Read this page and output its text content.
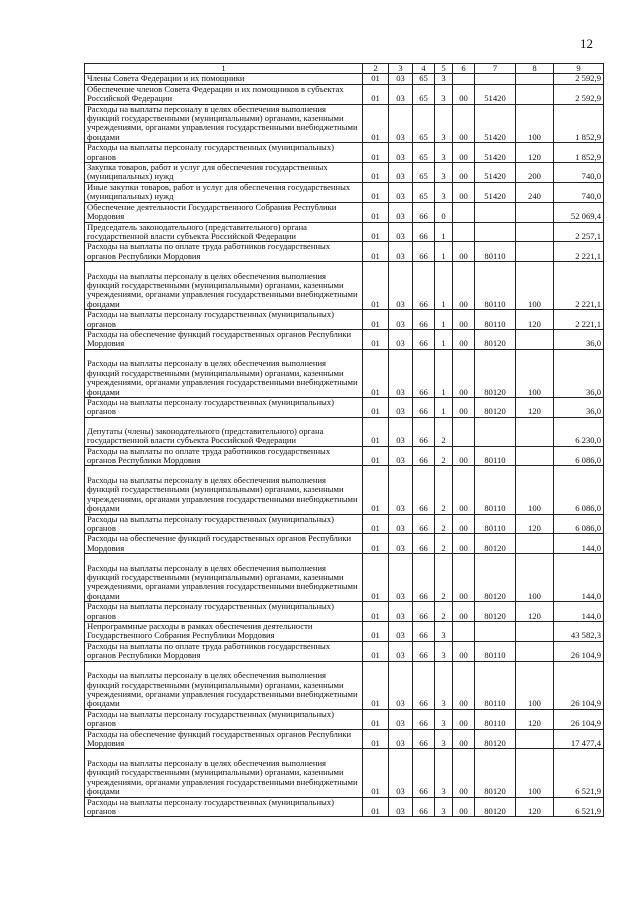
12
1	2	3	4	5	6	7	8	9
Члены Совета Федерации и их помощники	01	03	65	3				2 592,9
Обеспечение членов Совета Федерации и их помощников в субъектах Российской Федерации	01	03	65	3	00	51420		2 592,9
Расходы на выплаты персоналу в целях обеспечения выполнения функций государственными (муниципальными) органами, казенными учреждениями, органами управления государственными внебюджетными фондами	01	03	65	3	00	51420	100	1 852,9
Расходы на выплаты персоналу государственных (муниципальных) органов	01	03	65	3	00	51420	120	1 852,9
Закупка товаров, работ и услуг для обеспечения государственных (муниципальных) нужд	01	03	65	3	00	51420	200	740,0
Иные закупки товаров, работ и услуг для обеспечения государственных (муниципальных) нужд	01	03	65	3	00	51420	240	740,0
Обеспечение деятельности Государственного Собрания Республики Мордовия	01	03	66	0				52 069,4
Председатель законодательного (представительного) органа государственной власти субъекта Российской Федерации	01	03	66	1				2 257,1
Расходы на выплаты по оплате труда работников государственных органов Республики Мордовия	01	03	66	1	00	80110		2 221,1
Расходы на выплаты персоналу в целях обеспечения выполнения функций государственными (муниципальными) органами, казенными учреждениями, органами управления государственными внебюджетными фондами	01	03	66	1	00	80110	100	2 221,1
Расходы на выплаты персоналу государственных (муниципальных) органов	01	03	66	1	00	80110	120	2 221,1
Расходы на обеспечение функций государственных органов Республики Мордовия	01	03	66	1	00	80120		36,0
Расходы на выплаты персоналу в целях обеспечения выполнения функций государственными (муниципальными) органами, казенными учреждениями, органами управления государственными внебюджетными фондами	01	03	66	1	00	80120	100	36,0
Расходы на выплаты персоналу государственных (муниципальных) органов	01	03	66	1	00	80120	120	36,0
Депутаты (члены) законодательного (представительного) органа государственной власти субъекта Российской Федерации	01	03	66	2				6 230,0
Расходы на выплаты по оплате труда работников государственных органов Республики Мордовия	01	03	66	2	00	80110		6 086,0
Расходы на выплаты персоналу в целях обеспечения выполнения функций государственными (муниципальными) органами, казенными учреждениями, органами управления государственными внебюджетными фондами	01	03	66	2	00	80110	100	6 086,0
Расходы на выплаты персоналу государственных (муниципальных) органов	01	03	66	2	00	80110	120	6 086,0
Расходы на обеспечение функций государственных органов Республики Мордовия	01	03	66	2	00	80120		144,0
Расходы на выплаты персоналу в целях обеспечения выполнения функций государственными (муниципальными) органами, казенными учреждениями, органами управления государственными внебюджетными фондами	01	03	66	2	00	80120	100	144,0
Расходы на выплаты персоналу государственных (муниципальных) органов	01	03	66	2	00	80120	120	144,0
Непрограммные расходы в рамках обеспечения деятельности Государственного Собрания Республики Мордовия	01	03	66	3				43 582,3
Расходы на выплаты по оплате труда работников государственных органов Республики Мордовия	01	03	66	3	00	80110		26 104,9
Расходы на выплаты персоналу в целях обеспечения выполнения функций государственными (муниципальными) органами, казенными учреждениями, органами управления государственными внебюджетными фондами	01	03	66	3	00	80110	100	26 104,9
Расходы на выплаты персоналу государственных (муниципальных) органов	01	03	66	3	00	80110	120	26 104,9
Расходы на обеспечение функций государственных органов Республики Мордовия	01	03	66	3	00	80120		17 477,4
Расходы на выплаты персоналу в целях обеспечения выполнения функций государственными (муниципальными) органами, казенными учреждениями, органами управления государственными внебюджетными фондами	01	03	66	3	00	80120	100	6 521,9
Расходы на выплаты персоналу государственных (муниципальных) органов	01	03	66	3	00	80120	120	6 521,9
